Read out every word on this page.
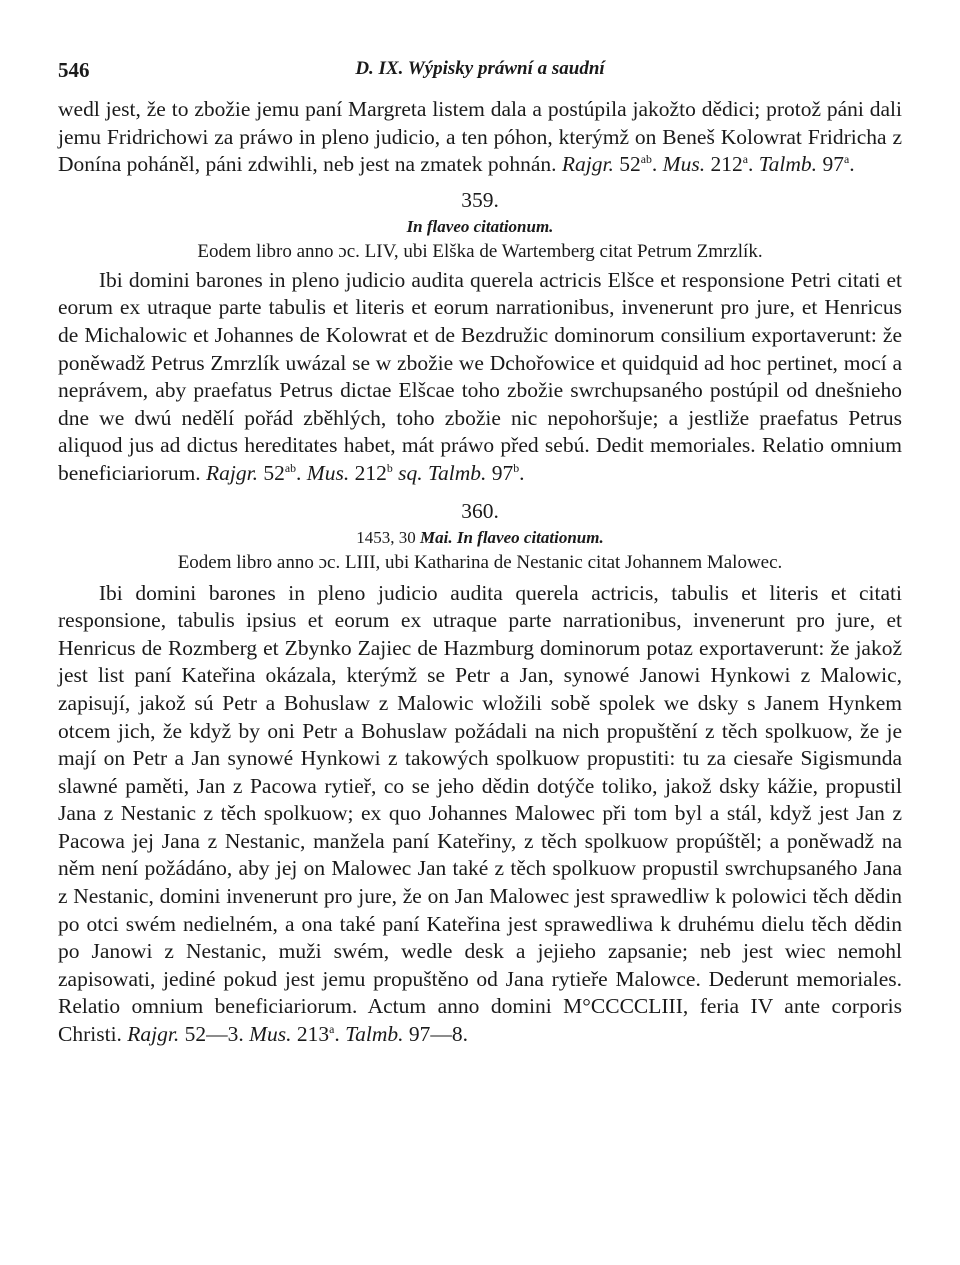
546	D. IX. Wýpisky práwní a saudní

wedl jest, že to zbožie jemu paní Margreta listem dala a postúpila jakožto dědici; protož páni dali jemu Fridrichowi za práwo in pleno judicio, a ten póhon, kterýmž on Beneš Kolowrat Fridricha z Donína poháněl, páni zdwihli, neb jest na zmatek pohnán. Rajgr. $52^{ab}$. Mus. 212$^a$. Talmb. 97$^a$.

359.

In flaveo citationum.

Eodem libro anno ɔc. LIV, ubi Elška de Wartemberg citat Petrum Zmrzlík.

Ibi domini barones in pleno judicio audita querela actricis Elšce et responsione Petri citati et eorum ex utraque parte tabulis et literis et eorum narrationibus, invenerunt pro jure, et Henricus de Michalowic et Johannes de Kolowrat et de Bezdružic dominorum consilium exportaverunt: že poněwadž Petrus Zmrzlík uwázal se w zbožie we Dchořowice et quidquid ad hoc pertinet, mocí a neprávem, aby praefatus Petrus dictae Elšcae toho zbožie swrchupsaného postúpil od dnešnieho dne we dwú nedělí pořád zběhlých, toho zbožie nic nepohoršuje; a jestliže praefatus Petrus aliquod jus ad dictus hereditates habet, mát práwo před sebú. Dedit memoriales. Relatio omnium beneficiariorum. Rajgr. $52^{ab}$. Mus. 212$^b$ sq. Talmb. 97$^b$.

360.

1453, 30 Mai. In flaveo citationum.

Eodem libro anno ɔc. LIII, ubi Katharina de Nestanic citat Johannem Malowec.

Ibi domini barones in pleno judicio audita querela actricis, tabulis et literis et citati responsione, tabulis ipsius et eorum ex utraque parte narrationibus, invenerunt pro jure, et Henricus de Rozmberg et Zbynko Zajiec de Hazmburg dominorum potaz exportaverunt: že jakož jest list paní Kateřina okázala, kterýmž se Petr a Jan, synowé Janowi Hynkowi z Malowic, zapisují, jakož sú Petr a Bohuslaw z Malowic wložili sobě spolek we dsky s Janem Hynkem otcem jich, že když by oni Petr a Bohuslaw požádali na nich propuštění z těch spolkuow, že je mají on Petr a Jan synowé Hynkowi z takowých spolkuow propustiti: tu za ciesaře Sigismunda slawné paměti, Jan z Pacowa rytieř, co se jeho dědin dotýče toliko, jakož dsky kážie, propustil Jana z Nestanic z těch spolkuow; ex quo Johannes Malowec při tom byl a stál, když jest Jan z Pacowa jej Jana z Nestanic, manžela paní Kateřiny, z těch spolkuow propúštěl; a poněwadž na něm není požádáno, aby jej on Malowec Jan také z těch spolkuow propustil swrchupsaného Jana z Nestanic, domini invenerunt pro jure, že on Jan Malowec jest sprawedliw k polowici těch dědin po otci swém nedielném, a ona také paní Kateřina jest sprawedliwa k druhému dielu těch dědin po Janowi z Nestanic, muži swém, wedle desk a jejieho zapsanie; neb jest wiec nemohl zapisowati, jediné pokud jest jemu propuštěno od Jana rytieře Malowce. Dederunt memoriales. Relatio omnium beneficiariorum. Actum anno domini M°CCCCLIII, feria IV ante corporis Christi. Rajgr. 52—3. Mus. 213$^a$. Talmb. 97—8.
